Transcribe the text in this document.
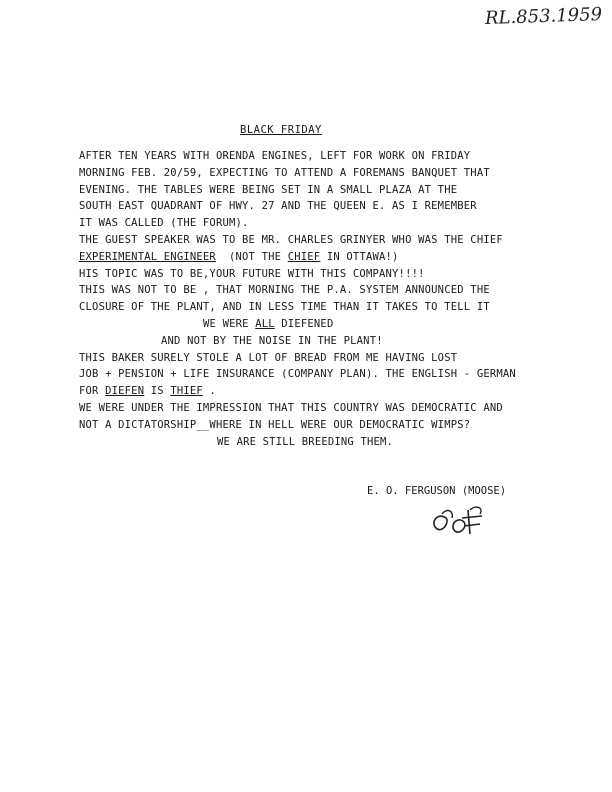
RL.853.1959
BLACK FRIDAY
AFTER TEN YEARS WITH ORENDA ENGINES, LEFT FOR WORK ON FRIDAY
MORNING FEB. 20/59, EXPECTING TO ATTEND A FOREMANS BANQUET THAT
EVENING. THE TABLES WERE BEING SET IN A SMALL PLAZA AT THE
SOUTH EAST QUADRANT OF HWY. 27 AND THE QUEEN E. AS I REMEMBER
IT WAS CALLED (THE FORUM).
THE GUEST SPEAKER WAS TO BE MR. CHARLES GRINYER WHO WAS THE CHIEF
EXPERIMENTAL ENGINEER  (NOT THE CHIEF IN OTTAWA!)
HIS TOPIC WAS TO BE,YOUR FUTURE WITH THIS COMPANY!!!!
THIS WAS NOT TO BE , THAT MORNING THE P.A. SYSTEM ANNOUNCED THE
CLOSURE OF THE PLANT, AND IN LESS TIME THAN IT TAKES TO TELL IT
WE WERE ALL DIEFENED
AND NOT BY THE NOISE IN THE PLANT!
THIS BAKER SURELY STOLE A LOT OF BREAD FROM ME HAVING LOST
JOB + PENSION + LIFE INSURANCE (COMPANY PLAN). THE ENGLISH - GERMAN
FOR DIEFEN IS THIEF .
WE WERE UNDER THE IMPRESSION THAT THIS COUNTRY WAS DEMOCRATIC AND
NOT A DICTATORSHIP__WHERE IN HELL WERE OUR DEMOCRATIC WIMPS?
WE ARE STILL BREEDING THEM.
E. O. FERGUSON (MOOSE)
